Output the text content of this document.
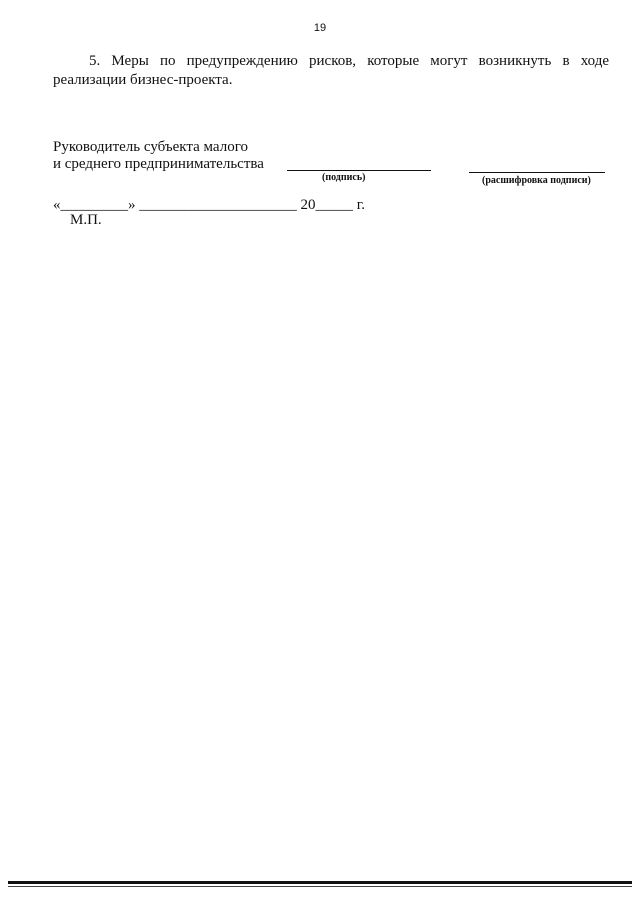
19

5. Меры по предупреждению рисков, которые могут возникнуть в ходе реализации бизнес-проекта.

Руководитель субъекта малого
и среднего предпринимательства
(подпись)	(расшифровка подписи)
«_________» _____________________ 20_____ г.
М.П.
